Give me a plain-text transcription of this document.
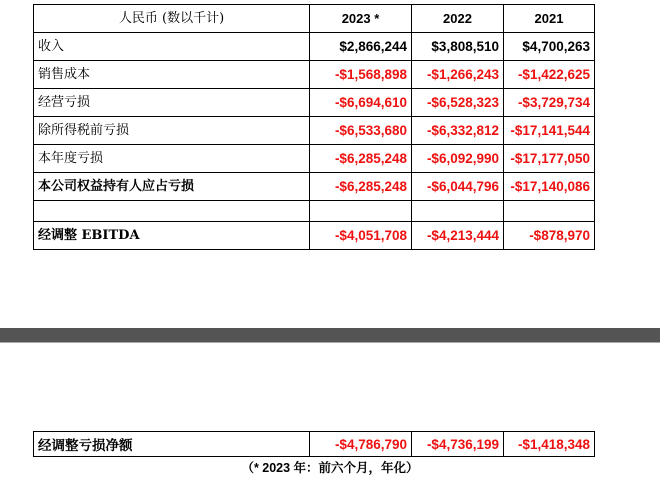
人民币 (数以千计)	2023 *	2022	2021
收入	$2,866,244	$3,808,510	$4,700,263
销售成本	-$1,568,898	-$1,266,243	-$1,422,625
经营亏损	-$6,694,610	-$6,528,323	-$3,729,734
除所得税前亏损	-$6,533,680	-$6,332,812	-$17,141,544
本年度亏损	-$6,285,248	-$6,092,990	-$17,177,050
本公司权益持有人应占亏损	-$6,285,248	-$6,044,796	-$17,140,086

经调整 EBITDA	-$4,051,708	-$4,213,444	-$878,970
经调整亏损净额	-$4,786,790	-$4,736,199	-$1,418,348
（* 2023 年：前六个月，年化）
